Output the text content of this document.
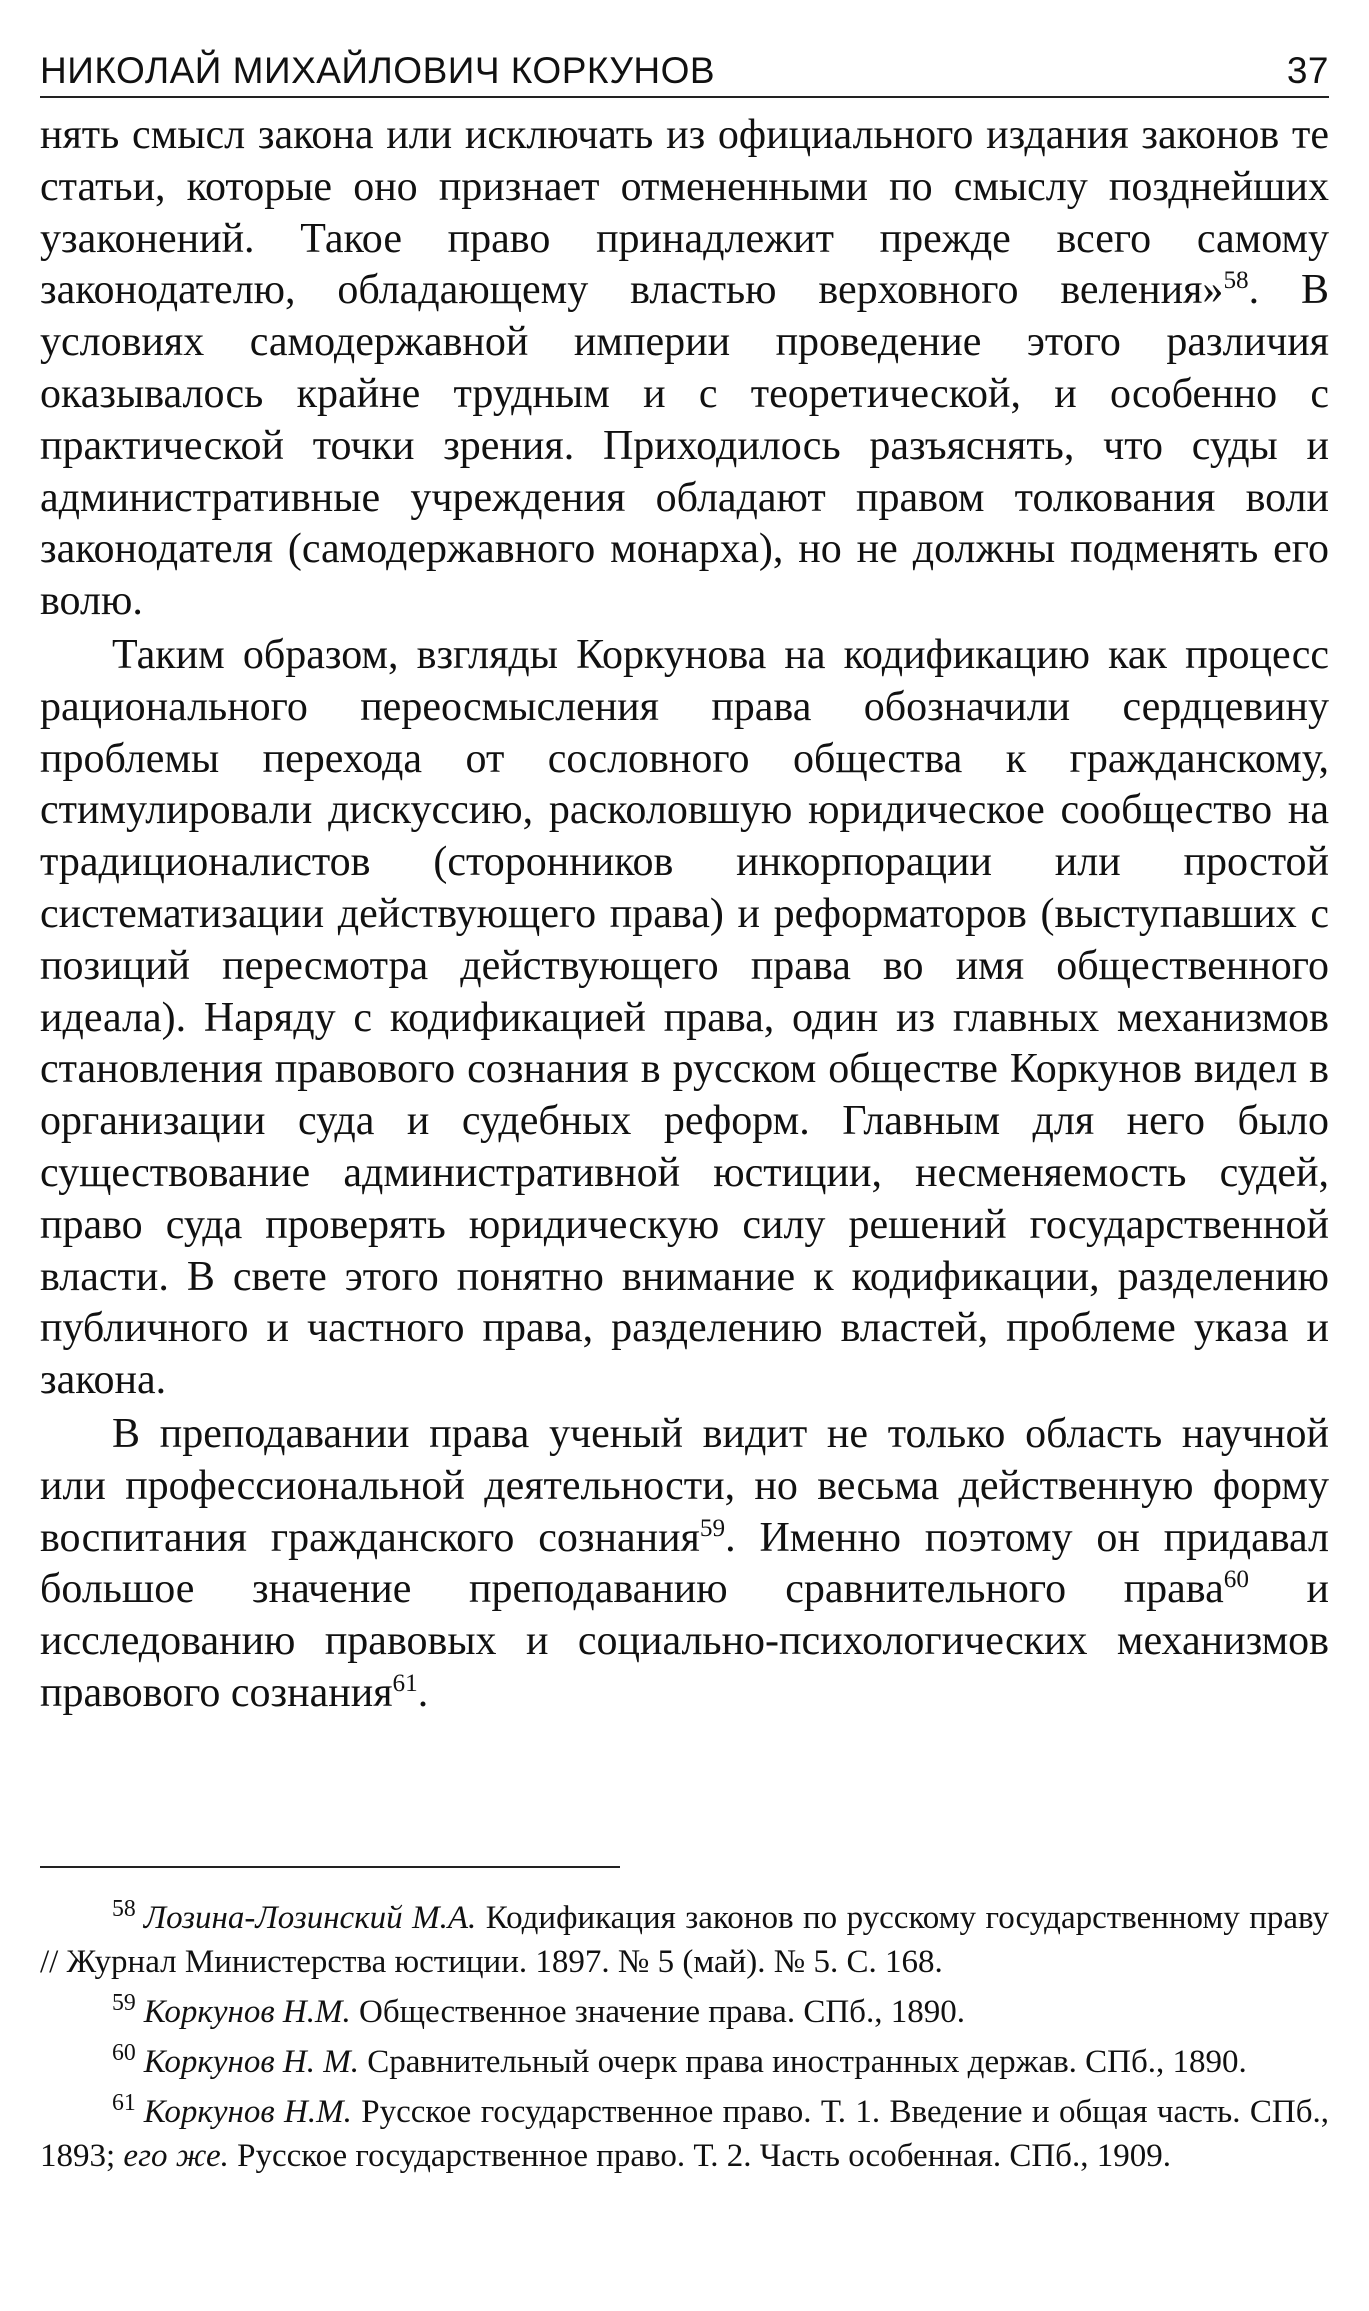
НИКОЛАЙ МИХАЙЛОВИЧ КОРКУНОВ	37

нять смысл закона или исключать из официального издания законов те статьи, которые оно признает отмененными по смыслу позднейших узаконений. Такое право принадлежит прежде всего самому законодателю, обладающему властью верховного веления»$^{58}$. В условиях самодержавной империи проведение этого различия оказывалось крайне трудным и с теоретической, и особенно с практической точки зрения. Приходилось разъяснять, что суды и административные учреждения обладают правом толкования воли законодателя (самодержавного монарха), но не должны подменять его волю.

Таким образом, взгляды Коркунова на кодификацию как процесс рационального переосмысления права обозначили сердцевину проблемы перехода от сословного общества к гражданскому, стимулировали дискуссию, расколовшую юридическое сообщество на традиционалистов (сторонников инкорпорации или простой систематизации действующего права) и реформаторов (выступавших с позиций пересмотра действующего права во имя общественного идеала). Наряду с кодификацией права, один из главных механизмов становления правового сознания в русском обществе Коркунов видел в организации суда и судебных реформ. Главным для него было существование административной юстиции, несменяемость судей, право суда проверять юридическую силу решений государственной власти. В свете этого понятно внимание к кодификации, разделению публичного и частного права, разделению властей, проблеме указа и закона.

В преподавании права ученый видит не только область научной или профессиональной деятельности, но весьма действенную форму воспитания гражданского сознания$^{59}$. Именно поэтому он придавал большое значение преподаванию сравнительного права$^{60}$ и исследованию правовых и социально-психологических механизмов правового сознания$^{61}$.

$^{58}$ Лозина-Лозинский М.А. Кодификация законов по русскому государственному праву // Журнал Министерства юстиции. 1897. № 5 (май). № 5. С. 168.

$^{59}$ Коркунов Н.М. Общественное значение права. СПб., 1890.

$^{60}$ Коркунов Н. М. Сравнительный очерк права иностранных держав. СПб., 1890.

$^{61}$ Коркунов Н.М. Русское государственное право. Т. 1. Введение и общая часть. СПб., 1893; его же. Русское государственное право. Т. 2. Часть особенная. СПб., 1909.
